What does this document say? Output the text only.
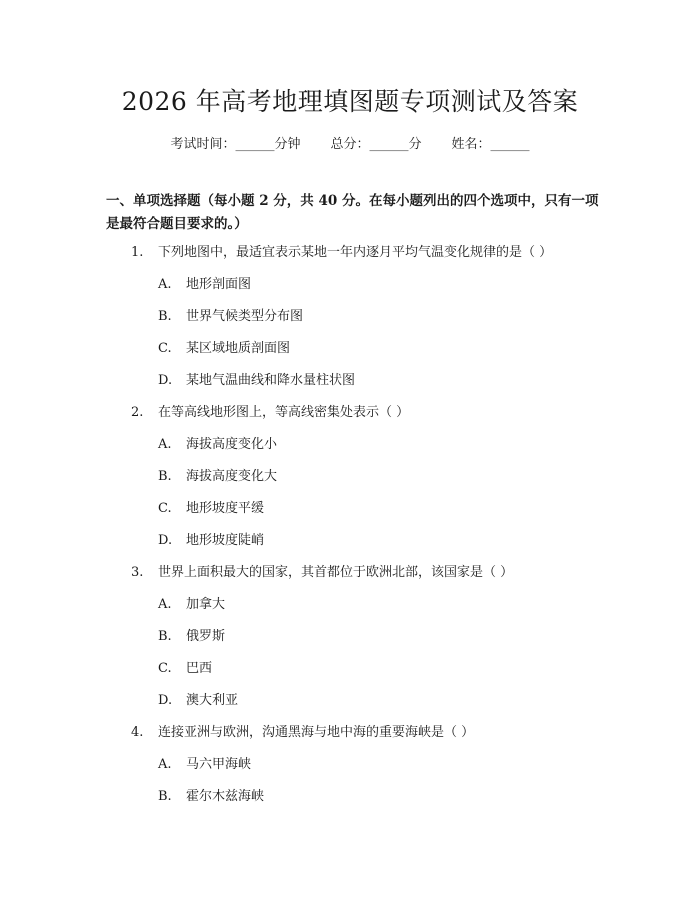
2026 年高考地理填图题专项测试及答案
考试时间：______分钟 总分：______分 姓名：______
一、单项选择题（每小题 2 分，共 40 分。在每小题列出的四个选项中，只有一项是最符合题目要求的。）
1.	下列地图中，最适宜表示某地一年内逐月平均气温变化规律的是（ ）
A. 地形剖面图
B. 世界气候类型分布图
C. 某区域地质剖面图
D. 某地气温曲线和降水量柱状图
2.	在等高线地形图上，等高线密集处表示（ ）
A. 海拔高度变化小
B. 海拔高度变化大
C. 地形坡度平缓
D. 地形坡度陡峭
3.	世界上面积最大的国家，其首都位于欧洲北部，该国家是（ ）
A. 加拿大
B. 俄罗斯
C. 巴西
D. 澳大利亚
4.	连接亚洲与欧洲，沟通黑海与地中海的重要海峡是（ ）
A. 马六甲海峡
B. 霍尔木兹海峡
